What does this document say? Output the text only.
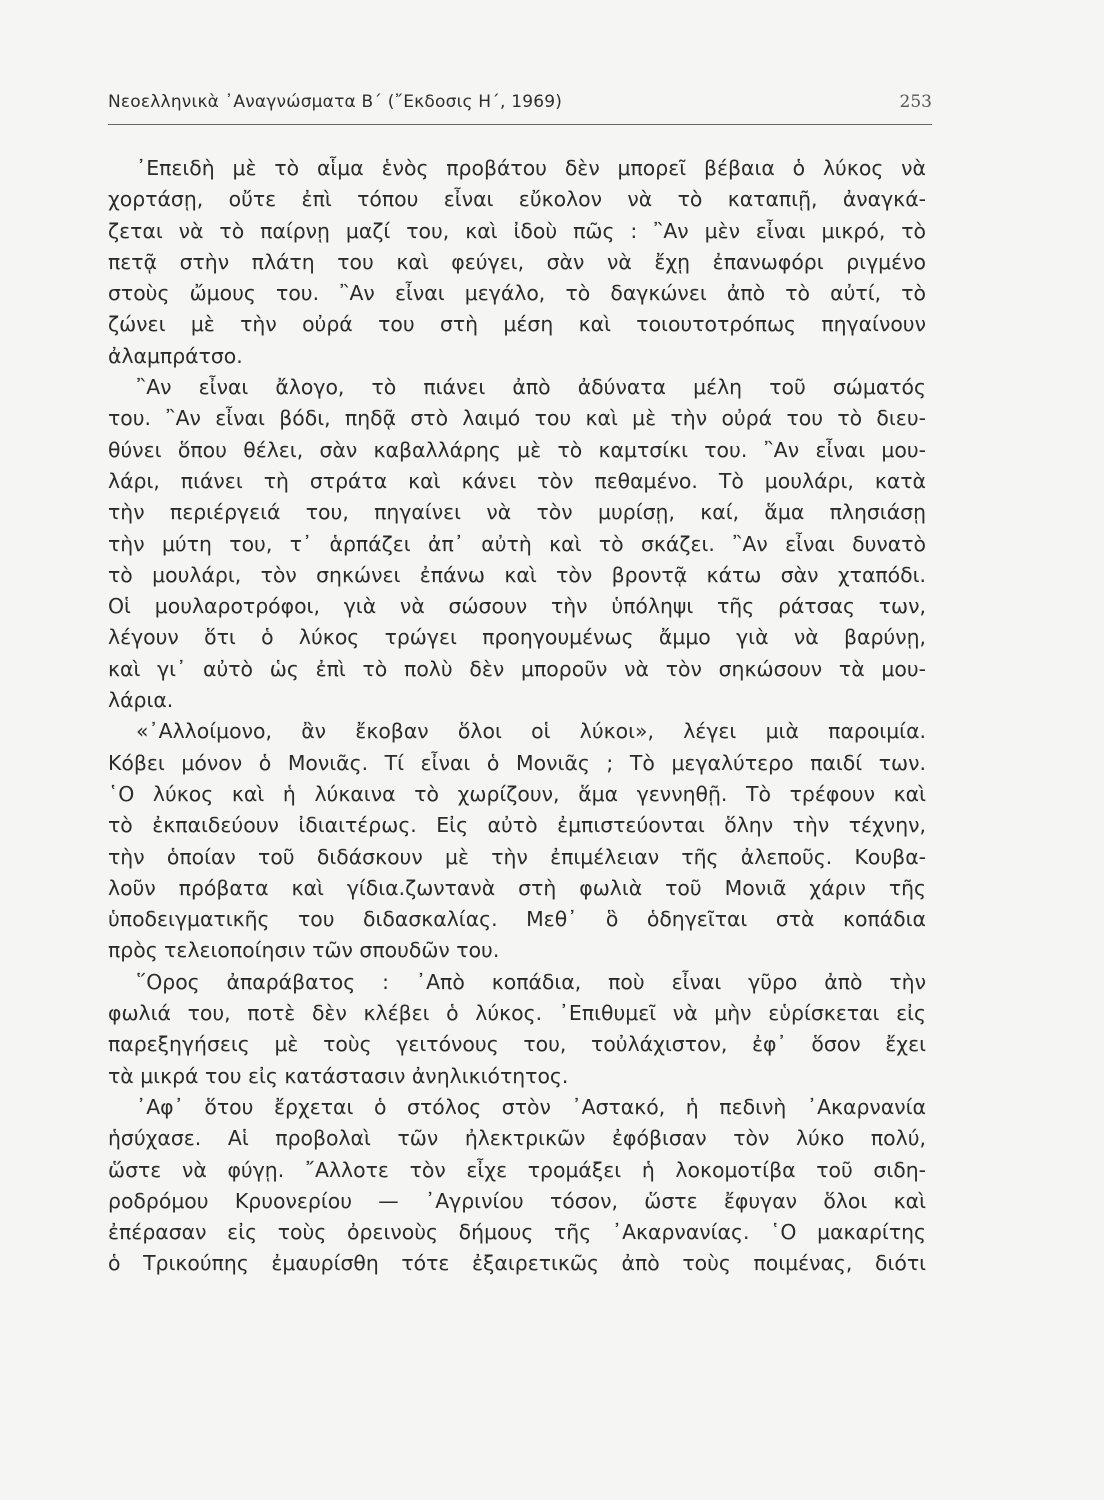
Νεοελληνικὰ ᾿Αναγνώσματα Β΄ (῎Εκδοσις Η΄, 1969)	253
᾿Επειδὴ μὲ τὸ αἷμα ἑνὸς προβάτου δὲν μπορεῖ βέβαια ὁ λύκος νὰ
χορτάσῃ, οὔτε ἐπὶ τόπου εἶναι εὔκολον νὰ τὸ καταπιῇ, ἀναγκά-
ζεται νὰ τὸ παίρνῃ μαζί του, καὶ ἰδοὺ πῶς : ῍Αν μὲν εἶναι μικρό, τὸ
πετᾷ στὴν πλάτη του καὶ φεύγει, σὰν νὰ ἔχῃ ἐπανωφόρι ριγμένο
στοὺς ὤμους του. ῍Αν εἶναι μεγάλο, τὸ δαγκώνει ἀπὸ τὸ αὐτί, τὸ
ζώνει μὲ τὴν οὐρά του στὴ μέση καὶ τοιουτοτρόπως πηγαίνουν
ἀλαμπράτσο.
῍Αν εἶναι ἄλογο, τὸ πιάνει ἀπὸ ἀδύνατα μέλη τοῦ σώματός
του. ῍Αν εἶναι βόδι, πηδᾷ στὸ λαιμό του καὶ μὲ τὴν οὐρά του τὸ διευ-
θύνει ὅπου θέλει, σὰν καβαλλάρης μὲ τὸ καμτσίκι του. ῍Αν εἶναι μου-
λάρι, πιάνει τὴ στράτα καὶ κάνει τὸν πεθαμένο. Τὸ μουλάρι, κατὰ
τὴν περιέργειά του, πηγαίνει νὰ τὸν μυρίσῃ, καί, ἅμα πλησιάσῃ
τὴν μύτη του, τ᾿ ἁρπάζει ἀπ᾿ αὐτὴ καὶ τὸ σκάζει. ῍Αν εἶναι δυνατὸ
τὸ μουλάρι, τὸν σηκώνει ἐπάνω καὶ τὸν βροντᾷ κάτω σὰν χταπόδι.
Οἱ μουλαροτρόφοι, γιὰ νὰ σώσουν τὴν ὑπόληψι τῆς ράτσας των,
λέγουν ὅτι ὁ λύκος τρώγει προηγουμένως ἄμμο γιὰ νὰ βαρύνῃ,
καὶ γι᾿ αὐτὸ ὡς ἐπὶ τὸ πολὺ δὲν μποροῦν νὰ τὸν σηκώσουν τὰ μου-
λάρια.
«᾿Αλλοίμονο, ἂν ἔκοβαν ὅλοι οἱ λύκοι», λέγει μιὰ παροιμία.
Κόβει μόνον ὁ Μονιᾶς. Τί εἶναι ὁ Μονιᾶς ; Τὸ μεγαλύτερο παιδί των.
῾Ο λύκος καὶ ἡ λύκαινα τὸ χωρίζουν, ἅμα γεννηθῇ. Τὸ τρέφουν καὶ
τὸ ἐκπαιδεύουν ἰδιαιτέρως. Εἰς αὐτὸ ἐμπιστεύονται ὅλην τὴν τέχνην,
τὴν ὁποίαν τοῦ διδάσκουν μὲ τὴν ἐπιμέλειαν τῆς ἀλεποῦς. Κουβα-
λοῦν πρόβατα καὶ γίδια.ζωντανὰ στὴ φωλιὰ τοῦ Μονιᾶ χάριν τῆς
ὑποδειγματικῆς του διδασκαλίας. Μεθ᾿ ὃ ὁδηγεῖται στὰ κοπάδια
πρὸς τελειοποίησιν τῶν σπουδῶν του.
῞Ορος ἀπαράβατος : ᾿Απὸ κοπάδια, ποὺ εἶναι γῦρο ἀπὸ τὴν
φωλιά του, ποτὲ δὲν κλέβει ὁ λύκος. ᾿Επιθυμεῖ νὰ μὴν εὑρίσκεται εἰς
παρεξηγήσεις μὲ τοὺς γειτόνους του, τοὐλάχιστον, ἐφ᾿ ὅσον ἔχει
τὰ μικρά του εἰς κατάστασιν ἀνηλικιότητος.
᾿Αφ᾿ ὅτου ἔρχεται ὁ στόλος στὸν ᾿Αστακό, ἡ πεδινὴ ᾿Ακαρνανία
ἡσύχασε. Αἱ προβολαὶ τῶν ἠλεκτρικῶν ἐφόβισαν τὸν λύκο πολύ,
ὥστε νὰ φύγῃ. ῎Αλλοτε τὸν εἶχε τρομάξει ἡ λοκομοτίβα τοῦ σιδη-
ροδρόμου Κρυονερίου — ᾿Αγρινίου τόσον, ὥστε ἔφυγαν ὅλοι καὶ
ἐπέρασαν εἰς τοὺς ὀρεινοὺς δήμους τῆς ᾿Ακαρνανίας. ῾Ο μακαρίτης
ὁ Τρικούπης ἐμαυρίσθη τότε ἐξαιρετικῶς ἀπὸ τοὺς ποιμένας, διότι
